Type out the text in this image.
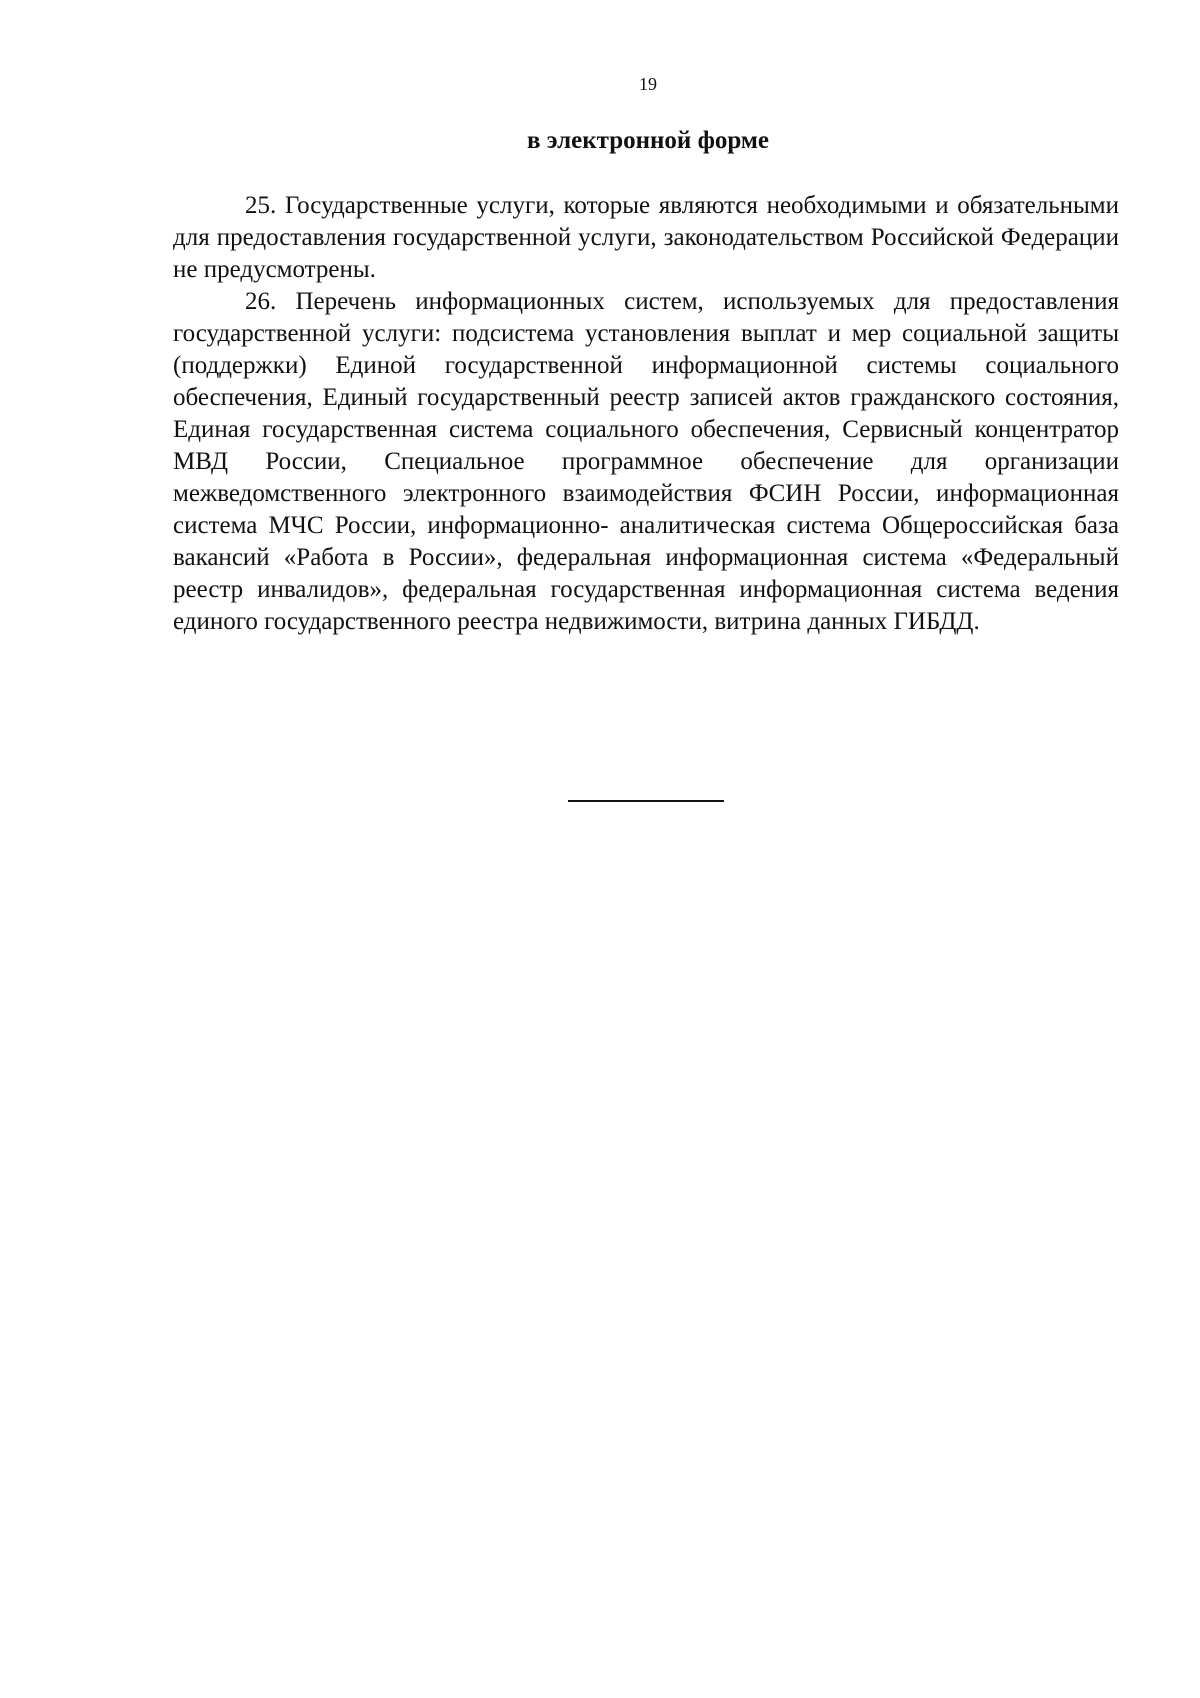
19
в электронной форме

25. Государственные услуги, которые являются необходимыми и обязательными для предоставления государственной услуги, законодательством Российской Федерации не предусмотрены.

26. Перечень информационных систем, используемых для предоставления государственной услуги: подсистема установления выплат и мер социальной защиты (поддержки) Единой государственной информационной системы социального обеспечения, Единый государственный реестр записей актов гражданского состояния, Единая государственная система социального обеспечения, Сервисный концентратор МВД России, Специальное программное обеспечение для организации межведомственного электронного взаимодействия ФСИН России, информационная система МЧС России, информационно- аналитическая система Общероссийская база вакансий «Работа в России», федеральная информационная система «Федеральный реестр инвалидов», федеральная государственная информационная система ведения единого государственного реестра недвижимости, витрина данных ГИБДД.
